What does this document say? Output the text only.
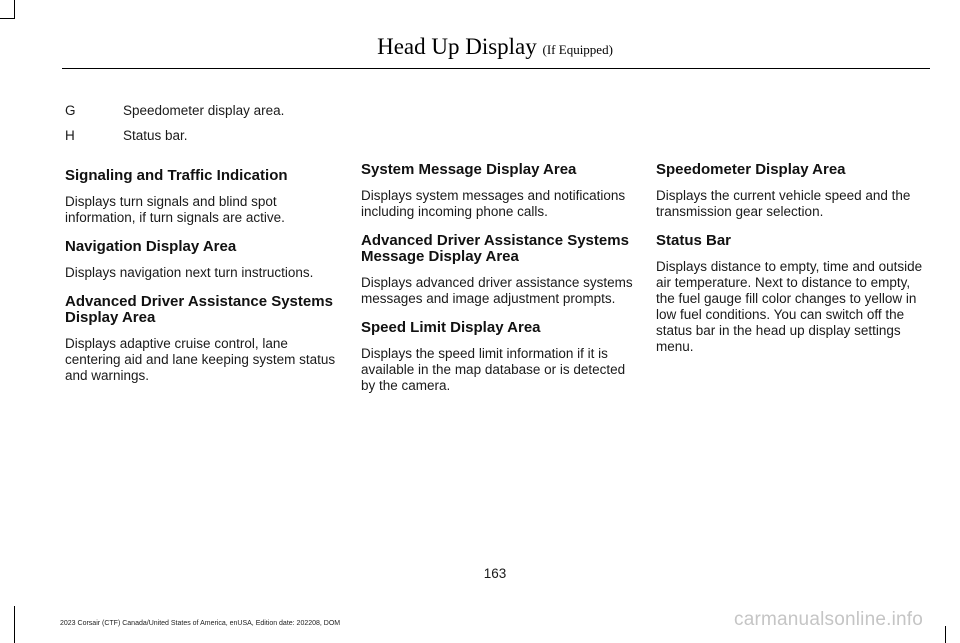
Head Up Display (If Equipped)
G	Speedometer display area.
H	Status bar.
Signaling and Traffic Indication

Displays turn signals and blind spot information, if turn signals are active.

Navigation Display Area

Displays navigation next turn instructions.

Advanced Driver Assistance Systems Display Area

Displays adaptive cruise control, lane centering aid and lane keeping system status and warnings.

System Message Display Area

Displays system messages and notifications including incoming phone calls.

Advanced Driver Assistance Systems Message Display Area

Displays advanced driver assistance systems messages and image adjustment prompts.

Speed Limit Display Area

Displays the speed limit information if it is available in the map database or is detected by the camera.

Speedometer Display Area

Displays the current vehicle speed and the transmission gear selection.

Status Bar

Displays distance to empty, time and outside air temperature. Next to distance to empty, the fuel gauge fill color changes to yellow in low fuel conditions. You can switch off the status bar in the head up display settings menu.

163
2023 Corsair (CTF) Canada/United States of America, enUSA, Edition date: 202208, DOM	carmanualsonline.info
